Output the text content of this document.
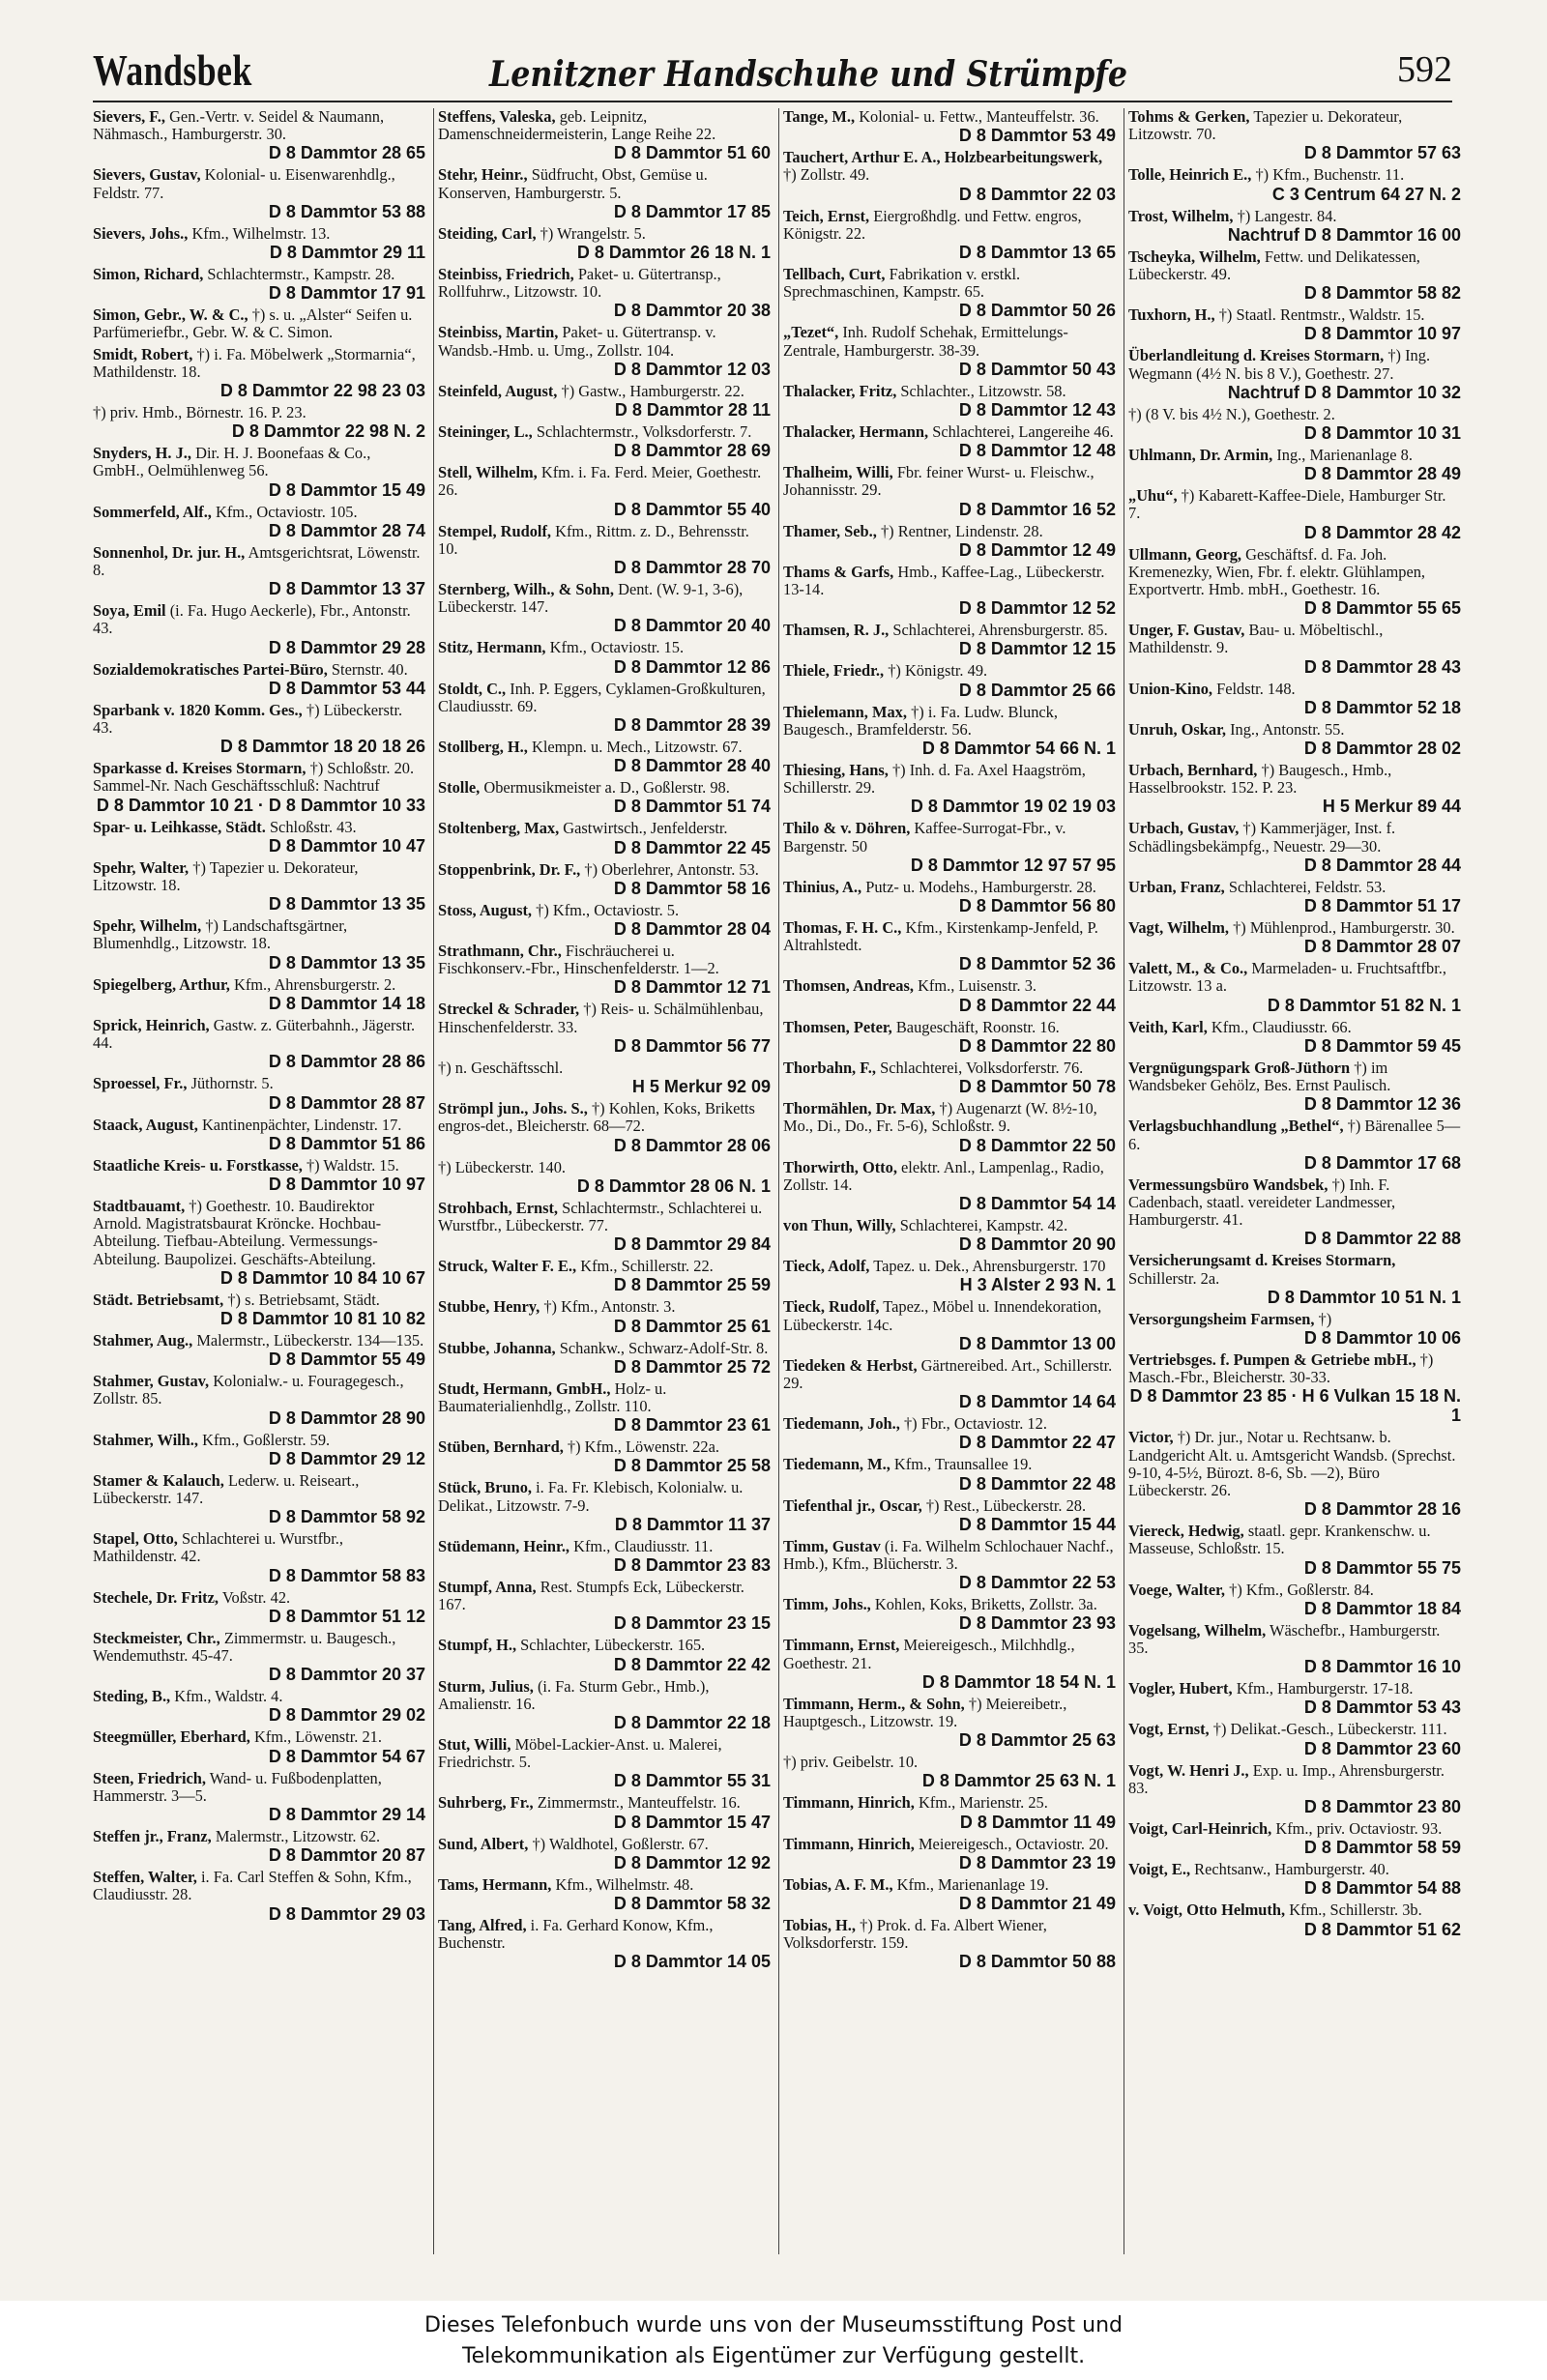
Wandsbek	Lenitzner Handschuhe und Strümpfe	592
Sievers, F., Gen.-Vertr. v. Seidel & Naumann, Nähmasch., Hamburgerstr. 30.
D 8 Dammtor 28 65
Sievers, Gustav, Kolonial- u. Eisenwarenhdlg., Feldstr. 77.
D 8 Dammtor 53 88
Sievers, Johs., Kfm., Wilhelmstr. 13.
D 8 Dammtor 29 11
Simon, Richard, Schlachtermstr., Kampstr. 28.
D 8 Dammtor 17 91
Simon, Gebr., W. & C., †) s. u. „Alster“ Seifen u. Parfümeriefbr., Gebr. W. & C. Simon.
Smidt, Robert, †) i. Fa. Möbelwerk „Stormarnia“, Mathildenstr. 18.
D 8 Dammtor 22 98 23 03
†) priv. Hmb., Börnestr. 16. P. 23.
D 8 Dammtor 22 98 N. 2
Snyders, H. J., Dir. H. J. Boonefaas & Co., GmbH., Oelmühlenweg 56.
D 8 Dammtor 15 49
Sommerfeld, Alf., Kfm., Octaviostr. 105.
D 8 Dammtor 28 74
Sonnenhol, Dr. jur. H., Amtsgerichtsrat, Löwenstr. 8.
D 8 Dammtor 13 37
Soya, Emil (i. Fa. Hugo Aeckerle), Fbr., Antonstr. 43.
D 8 Dammtor 29 28
Sozialdemokratisches Partei-Büro, Sternstr. 40.
D 8 Dammtor 53 44
Sparbank v. 1820 Komm. Ges., †) Lübeckerstr. 43.
D 8 Dammtor 18 20 18 26
Sparkasse d. Kreises Stormarn, †) Schloßstr. 20. Sammel-Nr. Nach Geschäftsschluß: Nachtruf
D 8 Dammtor 10 21 · D 8 Dammtor 10 33
Spar- u. Leihkasse, Städt. Schloßstr. 43.
D 8 Dammtor 10 47
Spehr, Walter, †) Tapezier u. Dekorateur, Litzowstr. 18.
D 8 Dammtor 13 35
Spehr, Wilhelm, †) Landschaftsgärtner, Blumenhdlg., Litzowstr. 18.
D 8 Dammtor 13 35
Spiegelberg, Arthur, Kfm., Ahrensburgerstr. 2.
D 8 Dammtor 14 18
Sprick, Heinrich, Gastw. z. Güterbahnh., Jägerstr. 44.
D 8 Dammtor 28 86
Sproessel, Fr., Jüthornstr. 5.
D 8 Dammtor 28 87
Staack, August, Kantinenpächter, Lindenstr. 17.
D 8 Dammtor 51 86
Staatliche Kreis- u. Forstkasse, †) Waldstr. 15.
D 8 Dammtor 10 97
Stadtbauamt, †) Goethestr. 10. Baudirektor Arnold. Magistratsbaurat Kröncke. Hochbau-Abteilung. Tiefbau-Abteilung. Vermessungs-Abteilung. Baupolizei. Geschäfts-Abteilung.
D 8 Dammtor 10 84 10 67
Städt. Betriebsamt, †) s. Betriebsamt, Städt.
D 8 Dammtor 10 81 10 82
Stahmer, Aug., Malermstr., Lübeckerstr. 134—135.
D 8 Dammtor 55 49
Stahmer, Gustav, Kolonialw.- u. Fouragegesch., Zollstr. 85.
D 8 Dammtor 28 90
Stahmer, Wilh., Kfm., Goßlerstr. 59.
D 8 Dammtor 29 12
Stamer & Kalauch, Lederw. u. Reiseart., Lübeckerstr. 147.
D 8 Dammtor 58 92
Stapel, Otto, Schlachterei u. Wurstfbr., Mathildenstr. 42.
D 8 Dammtor 58 83
Stechele, Dr. Fritz, Voßstr. 42.
D 8 Dammtor 51 12
Steckmeister, Chr., Zimmermstr. u. Baugesch., Wendemuthstr. 45-47.
D 8 Dammtor 20 37
Steding, B., Kfm., Waldstr. 4.
D 8 Dammtor 29 02
Steegmüller, Eberhard, Kfm., Löwenstr. 21.
D 8 Dammtor 54 67
Steen, Friedrich, Wand- u. Fußbodenplatten, Hammerstr. 3—5.
D 8 Dammtor 29 14
Steffen jr., Franz, Malermstr., Litzowstr. 62.
D 8 Dammtor 20 87
Steffen, Walter, i. Fa. Carl Steffen & Sohn, Kfm., Claudiusstr. 28.
D 8 Dammtor 29 03
Steffens, Valeska, geb. Leipnitz, Damenschneidermeisterin, Lange Reihe 22.
D 8 Dammtor 51 60
Stehr, Heinr., Südfrucht, Obst, Gemüse u. Konserven, Hamburgerstr. 5.
D 8 Dammtor 17 85
Steiding, Carl, †) Wrangelstr. 5.
D 8 Dammtor 26 18 N. 1
Steinbiss, Friedrich, Paket- u. Gütertransp., Rollfuhrw., Litzowstr. 10.
D 8 Dammtor 20 38
Steinbiss, Martin, Paket- u. Gütertransp. v. Wandsb.-Hmb. u. Umg., Zollstr. 104.
D 8 Dammtor 12 03
Steinfeld, August, †) Gastw., Hamburgerstr. 22.
D 8 Dammtor 28 11
Steininger, L., Schlachtermstr., Volksdorferstr. 7.
D 8 Dammtor 28 69
Stell, Wilhelm, Kfm. i. Fa. Ferd. Meier, Goethestr. 26.
D 8 Dammtor 55 40
Stempel, Rudolf, Kfm., Rittm. z. D., Behrensstr. 10.
D 8 Dammtor 28 70
Sternberg, Wilh., & Sohn, Dent. (W. 9-1, 3-6), Lübeckerstr. 147.
D 8 Dammtor 20 40
Stitz, Hermann, Kfm., Octaviostr. 15.
D 8 Dammtor 12 86
Stoldt, C., Inh. P. Eggers, Cyklamen-Großkulturen, Claudiusstr. 69.
D 8 Dammtor 28 39
Stollberg, H., Klempn. u. Mech., Litzowstr. 67.
D 8 Dammtor 28 40
Stolle, Obermusikmeister a. D., Goßlerstr. 98.
D 8 Dammtor 51 74
Stoltenberg, Max, Gastwirtsch., Jenfelderstr.
D 8 Dammtor 22 45
Stoppenbrink, Dr. F., †) Oberlehrer, Antonstr. 53.
D 8 Dammtor 58 16
Stoss, August, †) Kfm., Octaviostr. 5.
D 8 Dammtor 28 04
Strathmann, Chr., Fischräucherei u. Fischkonserv.-Fbr., Hinschenfelderstr. 1—2.
D 8 Dammtor 12 71
Streckel & Schrader, †) Reis- u. Schälmühlenbau, Hinschenfelderstr. 33.
D 8 Dammtor 56 77
†) n. Geschäftsschl.
H 5 Merkur 92 09
Strömpl jun., Johs. S., †) Kohlen, Koks, Briketts engros-det., Bleicherstr. 68—72.
D 8 Dammtor 28 06
†) Lübeckerstr. 140.
D 8 Dammtor 28 06 N. 1
Strohbach, Ernst, Schlachtermstr., Schlachterei u. Wurstfbr., Lübeckerstr. 77.
D 8 Dammtor 29 84
Struck, Walter F. E., Kfm., Schillerstr. 22.
D 8 Dammtor 25 59
Stubbe, Henry, †) Kfm., Antonstr. 3.
D 8 Dammtor 25 61
Stubbe, Johanna, Schankw., Schwarz-Adolf-Str. 8.
D 8 Dammtor 25 72
Studt, Hermann, GmbH., Holz- u. Baumaterialienhdlg., Zollstr. 110.
D 8 Dammtor 23 61
Stüben, Bernhard, †) Kfm., Löwenstr. 22a.
D 8 Dammtor 25 58
Stück, Bruno, i. Fa. Fr. Klebisch, Kolonialw. u. Delikat., Litzowstr. 7-9.
D 8 Dammtor 11 37
Stüdemann, Heinr., Kfm., Claudiusstr. 11.
D 8 Dammtor 23 83
Stumpf, Anna, Rest. Stumpfs Eck, Lübeckerstr. 167.
D 8 Dammtor 23 15
Stumpf, H., Schlachter, Lübeckerstr. 165.
D 8 Dammtor 22 42
Sturm, Julius, (i. Fa. Sturm Gebr., Hmb.), Amalienstr. 16.
D 8 Dammtor 22 18
Stut, Willi, Möbel-Lackier-Anst. u. Malerei, Friedrichstr. 5.
D 8 Dammtor 55 31
Suhrberg, Fr., Zimmermstr., Manteuffelstr. 16.
D 8 Dammtor 15 47
Sund, Albert, †) Waldhotel, Goßlerstr. 67.
D 8 Dammtor 12 92
Tams, Hermann, Kfm., Wilhelmstr. 48.
D 8 Dammtor 58 32
Tang, Alfred, i. Fa. Gerhard Konow, Kfm., Buchenstr.
D 8 Dammtor 14 05
Tange, M., Kolonial- u. Fettw., Manteuffelstr. 36.
D 8 Dammtor 53 49
Tauchert, Arthur E. A., Holzbearbeitungswerk, †) Zollstr. 49.
D 8 Dammtor 22 03
Teich, Ernst, Eiergroßhdlg. und Fettw. engros, Königstr. 22.
D 8 Dammtor 13 65
Tellbach, Curt, Fabrikation v. erstkl. Sprechmaschinen, Kampstr. 65.
D 8 Dammtor 50 26
„Tezet“, Inh. Rudolf Schehak, Ermittelungs-Zentrale, Hamburgerstr. 38-39.
D 8 Dammtor 50 43
Thalacker, Fritz, Schlachter., Litzowstr. 58.
D 8 Dammtor 12 43
Thalacker, Hermann, Schlachterei, Langereihe 46.
D 8 Dammtor 12 48
Thalheim, Willi, Fbr. feiner Wurst- u. Fleischw., Johannisstr. 29.
D 8 Dammtor 16 52
Thamer, Seb., †) Rentner, Lindenstr. 28.
D 8 Dammtor 12 49
Thams & Garfs, Hmb., Kaffee-Lag., Lübeckerstr. 13-14.
D 8 Dammtor 12 52
Thamsen, R. J., Schlachterei, Ahrensburgerstr. 85.
D 8 Dammtor 12 15
Thiele, Friedr., †) Königstr. 49.
D 8 Dammtor 25 66
Thielemann, Max, †) i. Fa. Ludw. Blunck, Baugesch., Bramfelderstr. 56.
D 8 Dammtor 54 66 N. 1
Thiesing, Hans, †) Inh. d. Fa. Axel Haagström, Schillerstr. 29.
D 8 Dammtor 19 02 19 03
Thilo & v. Döhren, Kaffee-Surrogat-Fbr., v. Bargenstr. 50
D 8 Dammtor 12 97 57 95
Thinius, A., Putz- u. Modehs., Hamburgerstr. 28.
D 8 Dammtor 56 80
Thomas, F. H. C., Kfm., Kirstenkamp-Jenfeld, P. Altrahlstedt.
D 8 Dammtor 52 36
Thomsen, Andreas, Kfm., Luisenstr. 3.
D 8 Dammtor 22 44
Thomsen, Peter, Baugeschäft, Roonstr. 16.
D 8 Dammtor 22 80
Thorbahn, F., Schlachterei, Volksdorferstr. 76.
D 8 Dammtor 50 78
Thormählen, Dr. Max, †) Augenarzt (W. 8½-10, Mo., Di., Do., Fr. 5-6), Schloßstr. 9.
D 8 Dammtor 22 50
Thorwirth, Otto, elektr. Anl., Lampenlag., Radio, Zollstr. 14.
D 8 Dammtor 54 14
von Thun, Willy, Schlachterei, Kampstr. 42.
D 8 Dammtor 20 90
Tieck, Adolf, Tapez. u. Dek., Ahrensburgerstr. 170
H 3 Alster 2 93 N. 1
Tieck, Rudolf, Tapez., Möbel u. Innendekoration, Lübeckerstr. 14c.
D 8 Dammtor 13 00
Tiedeken & Herbst, Gärtnereibed. Art., Schillerstr. 29.
D 8 Dammtor 14 64
Tiedemann, Joh., †) Fbr., Octaviostr. 12.
D 8 Dammtor 22 47
Tiedemann, M., Kfm., Traunsallee 19.
D 8 Dammtor 22 48
Tiefenthal jr., Oscar, †) Rest., Lübeckerstr. 28.
D 8 Dammtor 15 44
Timm, Gustav (i. Fa. Wilhelm Schlochauer Nachf., Hmb.), Kfm., Blücherstr. 3.
D 8 Dammtor 22 53
Timm, Johs., Kohlen, Koks, Briketts, Zollstr. 3a.
D 8 Dammtor 23 93
Timmann, Ernst, Meiereigesch., Milchhdlg., Goethestr. 21.
D 8 Dammtor 18 54 N. 1
Timmann, Herm., & Sohn, †) Meiereibetr., Hauptgesch., Litzowstr. 19.
D 8 Dammtor 25 63
†) priv. Geibelstr. 10.
D 8 Dammtor 25 63 N. 1
Timmann, Hinrich, Kfm., Marienstr. 25.
D 8 Dammtor 11 49
Timmann, Hinrich, Meiereigesch., Octaviostr. 20.
D 8 Dammtor 23 19
Tobias, A. F. M., Kfm., Marienanlage 19.
D 8 Dammtor 21 49
Tobias, H., †) Prok. d. Fa. Albert Wiener, Volksdorferstr. 159.
D 8 Dammtor 50 88
Tohms & Gerken, Tapezier u. Dekorateur, Litzowstr. 70.
D 8 Dammtor 57 63
Tolle, Heinrich E., †) Kfm., Buchenstr. 11.
C 3 Centrum 64 27 N. 2
Trost, Wilhelm, †) Langestr. 84.
Nachtruf D 8 Dammtor 16 00
Tscheyka, Wilhelm, Fettw. und Delikatessen, Lübeckerstr. 49.
D 8 Dammtor 58 82
Tuxhorn, H., †) Staatl. Rentmstr., Waldstr. 15.
D 8 Dammtor 10 97
Überlandleitung d. Kreises Stormarn, †) Ing. Wegmann (4½ N. bis 8 V.), Goethestr. 27.
Nachtruf D 8 Dammtor 10 32
†) (8 V. bis 4½ N.), Goethestr. 2.
D 8 Dammtor 10 31
Uhlmann, Dr. Armin, Ing., Marienanlage 8.
D 8 Dammtor 28 49
„Uhu“, †) Kabarett-Kaffee-Diele, Hamburger Str. 7.
D 8 Dammtor 28 42
Ullmann, Georg, Geschäftsf. d. Fa. Joh. Kremenezky, Wien, Fbr. f. elektr. Glühlampen, Exportvertr. Hmb. mbH., Goethestr. 16.
D 8 Dammtor 55 65
Unger, F. Gustav, Bau- u. Möbeltischl., Mathildenstr. 9.
D 8 Dammtor 28 43
Union-Kino, Feldstr. 148.
D 8 Dammtor 52 18
Unruh, Oskar, Ing., Antonstr. 55.
D 8 Dammtor 28 02
Urbach, Bernhard, †) Baugesch., Hmb., Hasselbrookstr. 152. P. 23.
H 5 Merkur 89 44
Urbach, Gustav, †) Kammerjäger, Inst. f. Schädlingsbekämpfg., Neuestr. 29—30.
D 8 Dammtor 28 44
Urban, Franz, Schlachterei, Feldstr. 53.
D 8 Dammtor 51 17
Vagt, Wilhelm, †) Mühlenprod., Hamburgerstr. 30.
D 8 Dammtor 28 07
Valett, M., & Co., Marmeladen- u. Fruchtsaftfbr., Litzowstr. 13 a.
D 8 Dammtor 51 82 N. 1
Veith, Karl, Kfm., Claudiusstr. 66.
D 8 Dammtor 59 45
Vergnügungspark Groß-Jüthorn †) im Wandsbeker Gehölz, Bes. Ernst Paulisch.
D 8 Dammtor 12 36
Verlagsbuchhandlung „Bethel“, †) Bärenallee 5—6.
D 8 Dammtor 17 68
Vermessungsbüro Wandsbek, †) Inh. F. Cadenbach, staatl. vereideter Landmesser, Hamburgerstr. 41.
D 8 Dammtor 22 88
Versicherungsamt d. Kreises Stormarn, Schillerstr. 2a.
D 8 Dammtor 10 51 N. 1
Versorgungsheim Farmsen, †)
D 8 Dammtor 10 06
Vertriebsges. f. Pumpen & Getriebe mbH., †) Masch.-Fbr., Bleicherstr. 30-33.
D 8 Dammtor 23 85 · H 6 Vulkan 15 18 N. 1
Victor, †) Dr. jur., Notar u. Rechtsanw. b. Landgericht Alt. u. Amtsgericht Wandsb. (Sprechst. 9-10, 4-5½, Bürozt. 8-6, Sb. —2), Büro Lübeckerstr. 26.
D 8 Dammtor 28 16
Viereck, Hedwig, staatl. gepr. Krankenschw. u. Masseuse, Schloßstr. 15.
D 8 Dammtor 55 75
Voege, Walter, †) Kfm., Goßlerstr. 84.
D 8 Dammtor 18 84
Vogelsang, Wilhelm, Wäschefbr., Hamburgerstr. 35.
D 8 Dammtor 16 10
Vogler, Hubert, Kfm., Hamburgerstr. 17-18.
D 8 Dammtor 53 43
Vogt, Ernst, †) Delikat.-Gesch., Lübeckerstr. 111.
D 8 Dammtor 23 60
Vogt, W. Henri J., Exp. u. Imp., Ahrensburgerstr. 83.
D 8 Dammtor 23 80
Voigt, Carl-Heinrich, Kfm., priv. Octaviostr. 93.
D 8 Dammtor 58 59
Voigt, E., Rechtsanw., Hamburgerstr. 40.
D 8 Dammtor 54 88
v. Voigt, Otto Helmuth, Kfm., Schillerstr. 3b.
D 8 Dammtor 51 62
Dieses Telefonbuch wurde uns von der Museumsstiftung Post und
Telekommunikation als Eigentümer zur Verfügung gestellt.
